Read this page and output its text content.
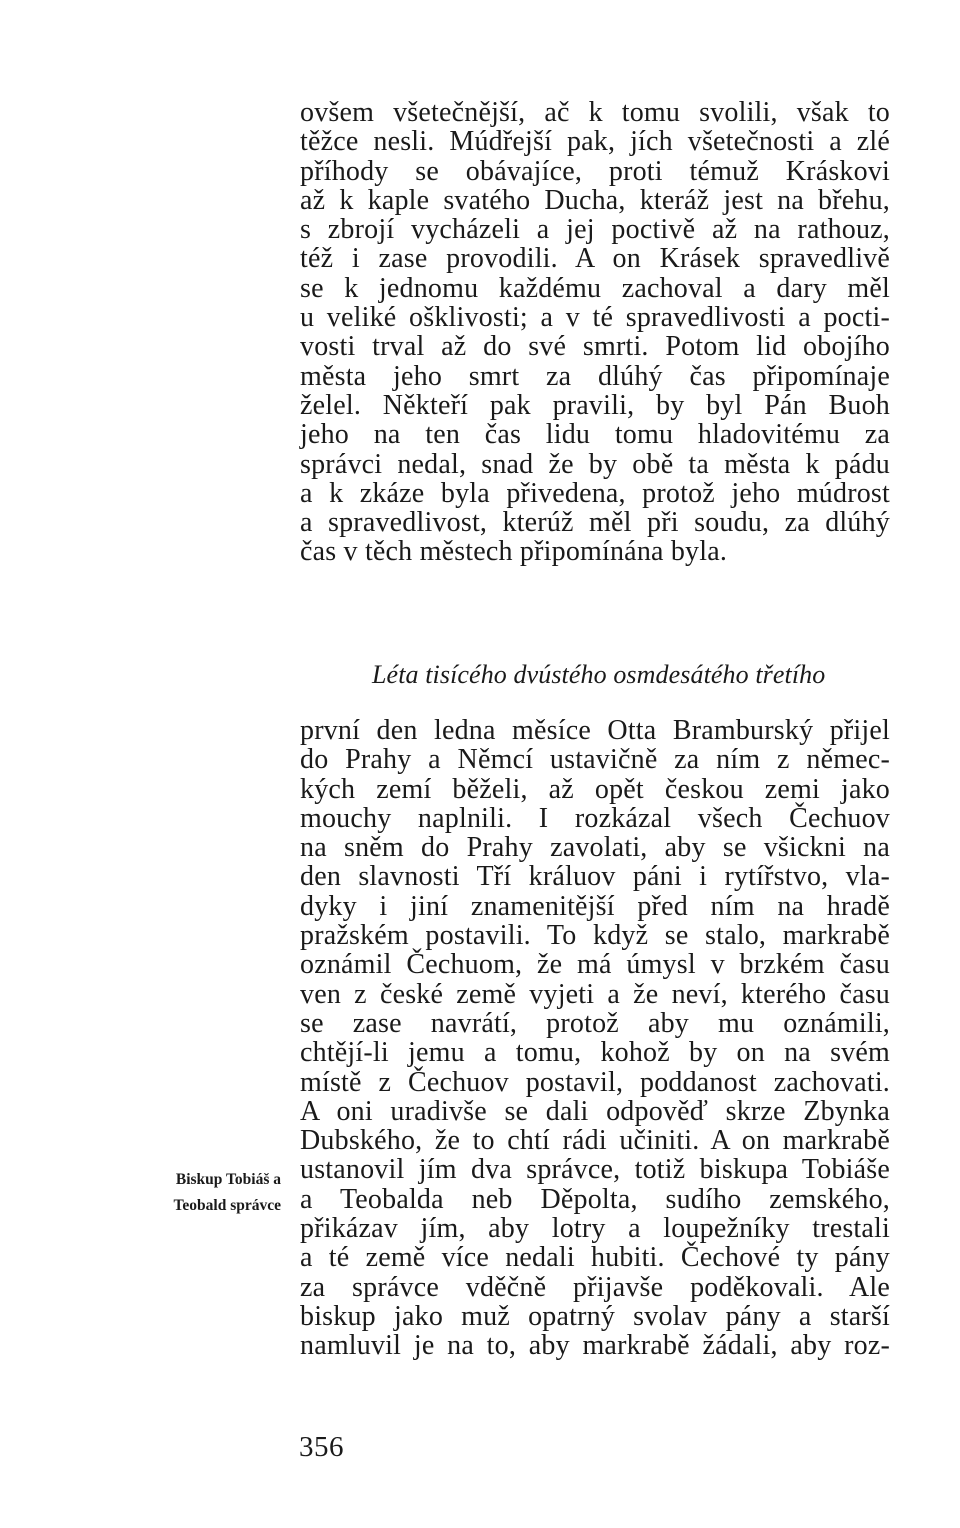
ovšem všetečnější, ač k tomu svolili, však to
těžce nesli. Múdřejší pak, jích všetečnosti a zlé
příhody se obávajíce, proti témuž Kráskovi
až k kaple svatého Ducha, kteráž jest na břehu,
s zbrojí vycházeli a jej poctivě až na rathouz,
též i zase provodili. A on Krásek spravedlivě
se k jednomu každému zachoval a dary měl
u veliké ošklivosti; a v té spravedlivosti a pocti-
vosti trval až do své smrti. Potom lid obojího
města jeho smrt za dlúhý čas připomínaje
želel. Někteří pak pravili, by byl Pán Buoh
jeho na ten čas lidu tomu hladovitému za
správci nedal, snad že by obě ta města k pádu
a k zkáze byla přivedena, protož jeho múdrost
a spravedlivost, kterúž měl při soudu, za dlúhý
čas v těch městech připomínána byla.
Léta tisícého dvústého osmdesátého třetího
první den ledna měsíce Otta Bramburský přijel
do Prahy a Němcí ustavičně za ním z němec-
kých zemí běželi, až opět českou zemi jako
mouchy naplnili. I rozkázal všech Čechuov
na sněm do Prahy zavolati, aby se všickni na
den slavnosti Tří králuov páni i rytířstvo, vla-
dyky i jiní znamenitější před ním na hradě
pražském postavili. To když se stalo, markrabě
oznámil Čechuom, že má úmysl v brzkém času
ven z české země vyjeti a že neví, kterého času
se zase navrátí, protož aby mu oznámili,
chtějí-li jemu a tomu, kohož by on na svém
místě z Čechuov postavil, poddanost zachovati.
A oni uradivše se dali odpověď skrze Zbynka
Dubského, že to chtí rádi učiniti. A on markrabě
ustanovil jím dva správce, totiž biskupa Tobiáše
a Teobalda neb Děpolta, sudího zemského,
přikázav jím, aby lotry a loupežníky trestali
a té země více nedali hubiti. Čechové ty pány
za správce vděčně přijavše poděkovali. Ale
biskup jako muž opatrný svolav pány a starší
namluvil je na to, aby markrabě žádali, aby roz-
Biskup Tobiáš a
Teobald správce
356
